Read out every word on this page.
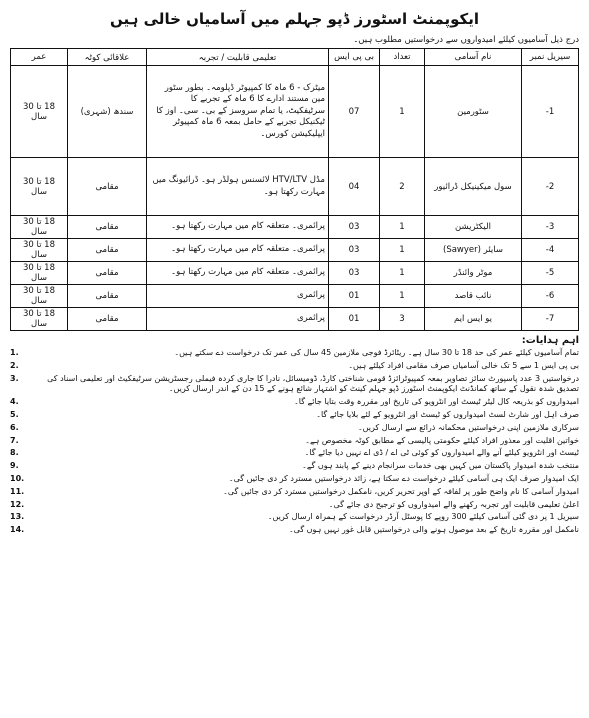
ایکوپمنٹ اسٹورز ڈپو جہلم میں آسامیاں خالی ہیں
درج ذیل آسامیوں کیلئے امیدواروں سے درخواستیں مطلوب ہیں۔
سیریل نمبر	نام آسامی	تعداد	بی پی ایس	تعلیمی قابلیت / تجربہ	علاقائی کوٹہ	عمر
1-	سٹورمین	1	07	میٹرک - 6 ماہ کا کمپیوٹر ڈپلومہ۔ بطور سٹور مین مستند ادارے کا 6 ماہ کے تجربے کا سرٹیفکیٹ، یا تمام سروسز کے بی۔ سی۔ اوز کا ٹیکنیکل تجربے کے حامل بمعہ 6 ماہ کمپیوٹر ایپلیکیشن کورس۔	سندھ (شہری)	18 تا 30 سال
2-	سول میکینیکل ڈرائیور	2	04	مڈل HTV/LTV لائسنس ہولڈر ہو۔ ڈرائیونگ میں مہارت رکھتا ہو۔	مقامی	18 تا 30 سال
3-	الیکٹریشن	1	03	پرائمری۔ متعلقہ کام میں مہارت رکھتا ہو۔	مقامی	18 تا 30 سال
4-	سایئر (Sawyer)	1	03	پرائمری۔ متعلقہ کام میں مہارت رکھتا ہو۔	مقامی	18 تا 30 سال
5-	موٹر وائنڈر	1	03	پرائمری۔ متعلقہ کام میں مہارت رکھتا ہو۔	مقامی	18 تا 30 سال
6-	نائب قاصد	1	01	پرائمری	مقامی	18 تا 30 سال
7-	یو ایس ایم	3	01	پرائمری	مقامی	18 تا 30 سال
اہم ہدایات:
تمام آسامیوں کیلئے عمر کی حد 18 تا 30 سال ہے۔ ریٹائرڈ فوجی ملازمین 45 سال کی عمر تک درخواست دے سکتے ہیں۔
1.
بی پی ایس 1 سے 5 تک خالی آسامیاں صرف مقامی افراد کیلئے ہیں۔
2.
درخواستیں 3 عدد پاسپورٹ سائز تصاویر بمعہ کمپیوٹرائزڈ قومی شناختی کارڈ، ڈومیسائل، نادرا کا جاری کردہ فیملی رجسٹریشن سرٹیفکیٹ اور تعلیمی اسناد کی تصدیق شدہ نقول کے ساتھ کمانڈنٹ ایکوپمنٹ اسٹورز ڈپو جہلم کینٹ کو اشتہار شائع ہونے کے 15 دن کے اندر ارسال کریں۔
3.
امیدواروں کو بذریعہ کال لیٹر ٹیسٹ اور انٹرویو کی تاریخ اور مقررہ وقت بتایا جائے گا۔
4.
صرف اہل اور شارٹ لسٹ امیدواروں کو ٹیسٹ اور انٹرویو کے لئے بلایا جائے گا۔
5.
سرکاری ملازمین اپنی درخواستیں محکمانہ ذرائع سے ارسال کریں۔
6.
خواتین اقلیت اور معذور افراد کیلئے حکومتی پالیسی کے مطابق کوٹہ مخصوص ہے۔
7.
ٹیسٹ اور انٹرویو کیلئے آنے والے امیدواروں کو کوئی ٹی اے / ڈی اے نہیں دیا جائے گا۔
8.
منتخب شدہ امیدوار پاکستان میں کہیں بھی خدمات سرانجام دینے کے پابند ہوں گے۔
9.
ایک امیدوار صرف ایک ہی آسامی کیلئے درخواست دے سکتا ہے، زائد درخواستیں مسترد کر دی جائیں گی۔
10.
امیدوار آسامی کا نام واضح طور پر لفافہ کے اوپر تحریر کریں، نامکمل درخواستیں مسترد کر دی جائیں گی۔
11.
اعلیٰ تعلیمی قابلیت اور تجربہ رکھنے والے امیدواروں کو ترجیح دی جائے گی۔
12.
سیریل 1 پر دی گئی آسامی کیلئے 300 روپے کا پوسٹل آرڈر درخواست کے ہمراہ ارسال کریں۔
13.
نامکمل اور مقررہ تاریخ کے بعد موصول ہونے والی درخواستیں قابل غور نہیں ہوں گی۔
14.
